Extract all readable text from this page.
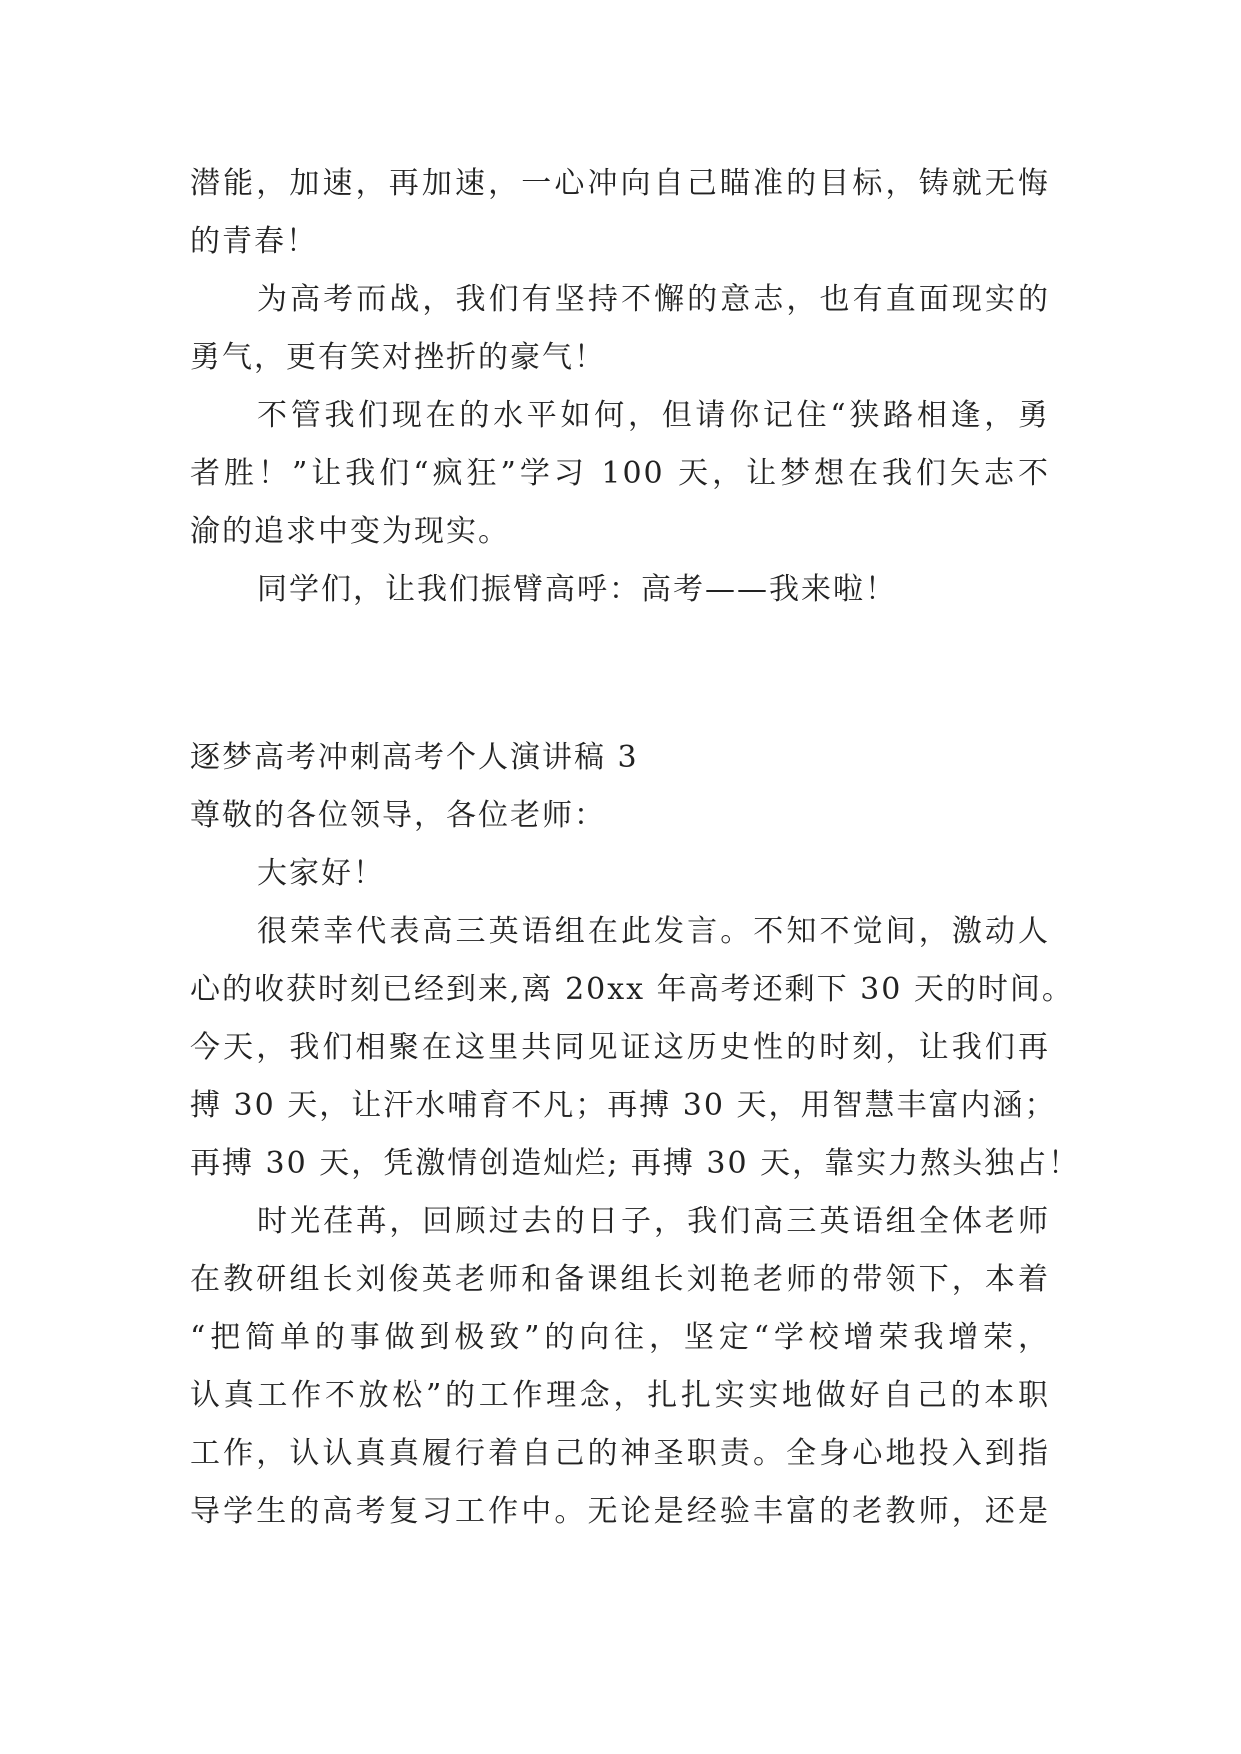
潜能，加速，再加速，一心冲向自己瞄准的目标，铸就无悔

的青春！

为高考而战，我们有坚持不懈的意志，也有直面现实的

勇气，更有笑对挫折的豪气！

不管我们现在的水平如何，但请你记住“狭路相逢，勇

者胜！”让我们“疯狂”学习 100 天，让梦想在我们矢志不

渝的追求中变为现实。

同学们，让我们振臂高呼：高考——我来啦！

逐梦高考冲刺高考个人演讲稿 3

尊敬的各位领导，各位老师：

大家好！

很荣幸代表高三英语组在此发言。不知不觉间，激动人

心的收获时刻已经到来,离 20xx 年高考还剩下 30 天的时间。

今天，我们相聚在这里共同见证这历史性的时刻，让我们再

搏 30 天，让汗水哺育不凡；再搏 30 天，用智慧丰富内涵；

再搏 30 天，凭激情创造灿烂; 再搏 30 天，靠实力熬头独占！

时光荏苒，回顾过去的日子，我们高三英语组全体老师

在教研组长刘俊英老师和备课组长刘艳老师的带领下，本着

“把简单的事做到极致”的向往，坚定“学校增荣我增荣，

认真工作不放松”的工作理念，扎扎实实地做好自己的本职

工作，认认真真履行着自己的神圣职责。全身心地投入到指

导学生的高考复习工作中。无论是经验丰富的老教师，还是
